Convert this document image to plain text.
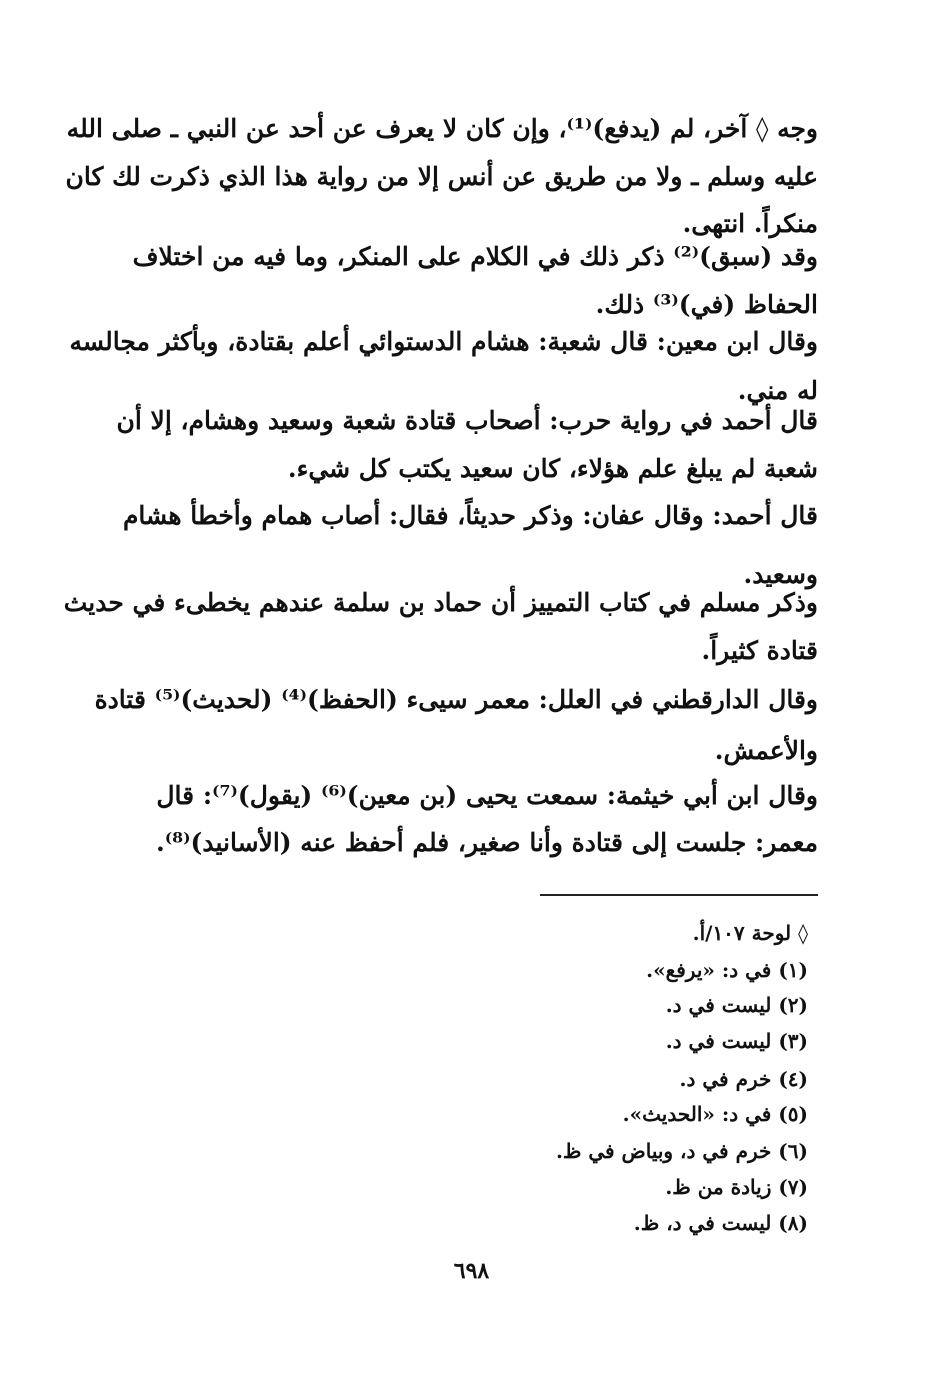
وجه ◊ آخر، لم (يدفع)⁽¹⁾، وإن كان لا يعرف عن أحد عن النبي ـ صلى الله
عليه وسلم ـ ولا من طريق عن أنس إلا من رواية هذا الذي ذكرت لك كان
منكراً. انتهى.
وقد (سبق)⁽²⁾ ذكر ذلك في الكلام على المنكر، وما فيه من اختلاف
الحفاظ (في)⁽³⁾ ذلك.
وقال ابن معين: قال شعبة: هشام الدستوائي أعلم بقتادة، وبأكثر مجالسه
له مني.
قال أحمد في رواية حرب: أصحاب قتادة شعبة وسعيد وهشام، إلا أن
شعبة لم يبلغ علم هؤلاء، كان سعيد يكتب كل شيء.
قال أحمد: وقال عفان: وذكر حديثاً، فقال: أصاب همام وأخطأ هشام
وسعيد.
وذكر مسلم في كتاب التمييز أن حماد بن سلمة عندهم يخطىء في حديث
قتادة كثيراً.
وقال الدارقطني في العلل: معمر سيىء (الحفظ)⁽⁴⁾ (لحديث)⁽⁵⁾ قتادة
والأعمش.
وقال ابن أبي خيثمة: سمعت يحيى (بن معين)⁽⁶⁾ (يقول)⁽⁷⁾: قال
معمر: جلست إلى قتادة وأنا صغير، فلم أحفظ عنه (الأسانيد)⁽⁸⁾.
◊ لوحة ١٠٧/أ.
(١) في د: «يرفع».
(٢) ليست في د.
(٣) ليست في د.
(٤) خرم في د.
(٥) في د: «الحديث».
(٦) خرم في د، وبياض في ظ.
(٧) زيادة من ظ.
(٨) ليست في د، ظ.
٦٩٨
